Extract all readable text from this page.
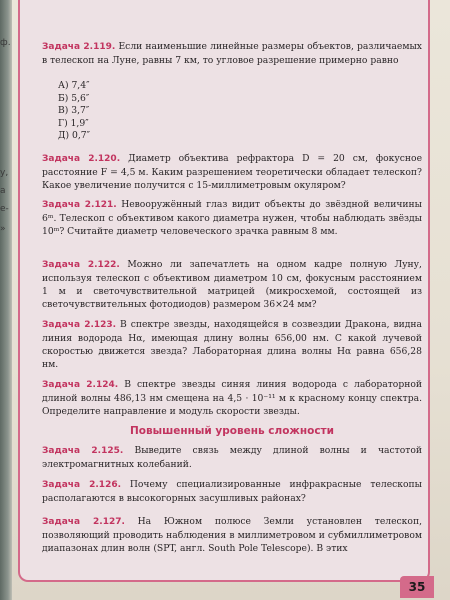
ф.
у,
а
е-
»
Задача 2.119. Если наименьшие линейные размеры объектов, различаемых в телескоп на Луне, равны 7 км, то угловое разрешение примерно равно
А) 7,4″
Б) 5,6″
В) 3,7″
Г) 1,9″
Д) 0,7″
Задача 2.120. Диаметр объектива рефрактора D = 20 см, фокусное расстояние F = 4,5 м. Каким разрешением теоретически обладает телескоп? Какое увеличение получится с 15-миллиметровым окуляром?
Задача 2.121. Невооружённый глаз видит объекты до звёздной величины 6ᵐ. Телескоп с объективом какого диаметра нужен, чтобы наблюдать звёзды 10ᵐ? Считайте диаметр человеческого зрачка равным 8 мм.
Задача 2.122. Можно ли запечатлеть на одном кадре полную Луну, используя телескоп с объективом диаметром 10 см, фокусным расстоянием 1 м и светочувствительной матрицей (микросхемой, состоящей из светочувствительных фотодиодов) размером 36×24 мм?
Задача 2.123. В спектре звезды, находящейся в созвездии Дракона, видна линия водорода Hα, имеющая длину волны 656,00 нм. С какой лучевой скоростью движется звезда? Лабораторная длина волны Hα равна 656,28 нм.
Задача 2.124. В спектре звезды синяя линия водорода с лабораторной длиной волны 486,13 нм смещена на 4,5 · 10⁻¹¹ м к красному концу спектра. Определите направление и модуль скорости звезды.
Повышенный уровень сложности
Задача 2.125. Выведите связь между длиной волны и частотой электромагнитных колебаний.
Задача 2.126. Почему специализированные инфракрасные телескопы располагаются в высокогорных засушливых районах?
Задача 2.127. На Южном полюсе Земли установлен телескоп, позволяющий проводить наблюдения в миллиметровом и субмиллиметровом диапазонах длин волн (SPT, англ. South Pole Telescope). В этих
35
